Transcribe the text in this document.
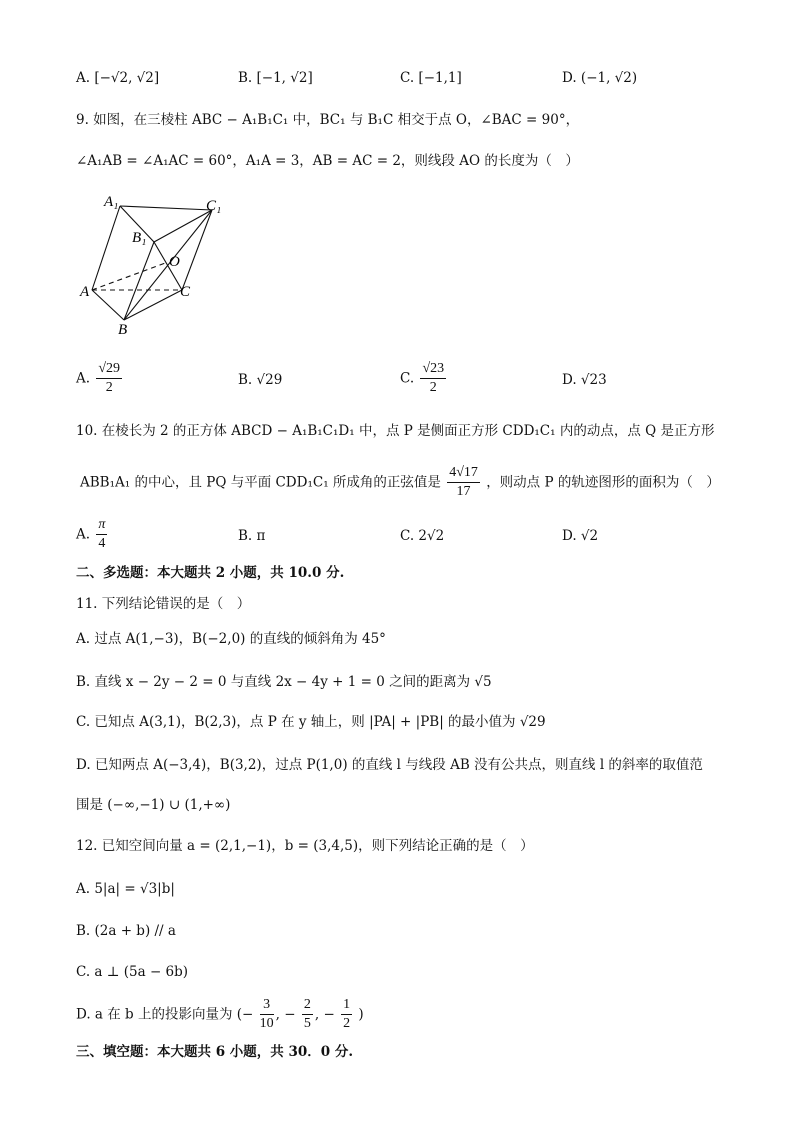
A. [−√2, √2]	B. [−1, √2]	C. [−1,1]	D. (−1, √2)
9. 如图，在三棱柱 ABC − A₁B₁C₁ 中，BC₁ 与 B₁C 相交于点 O，∠BAC = 90°，
∠A₁AB = ∠A₁AC = 60°，A₁A = 3，AB = AC = 2，则线段 AO 的长度为（　）
A₁	C₁
B₁
O
A	C
B
A. $\frac{√29}{2}$	B. √29	C. $\frac{√23}{2}$	D. √23
10. 在棱长为 2 的正方体 ABCD − A₁B₁C₁D₁ 中，点 P 是侧面正方形 CDD₁C₁ 内的动点，点 Q 是正方形
ABB₁A₁ 的中心，且 PQ 与平面 CDD₁C₁ 所成角的正弦值是 $\frac{4√17}{17}$ ，则动点 P 的轨迹图形的面积为（　）
A. $\frac{\pi}{4}$	B. π	C. 2√2	D. √2
二、多选题：本大题共 2 小题，共 10.0 分.
11. 下列结论错误的是（　）
A. 过点 A(1,−3)，B(−2,0) 的直线的倾斜角为 45°
B. 直线 x − 2y − 2 = 0 与直线 2x − 4y + 1 = 0 之间的距离为 √5
C. 已知点 A(3,1)，B(2,3)，点 P 在 y 轴上，则 |PA| + |PB| 的最小值为 √29
D. 已知两点 A(−3,4)，B(3,2)，过点 P(1,0) 的直线 l 与线段 AB 没有公共点，则直线 l 的斜率的取值范
围是 (−∞,−1) ∪ (1,+∞)
12. 已知空间向量 a = (2,1,−1)，b = (3,4,5)，则下列结论正确的是（　）
A. 5|a| = √3|b|
B. (2a + b) // a
C. a ⊥ (5a − 6b)
D. a 在 b 上的投影向量为 (− $\frac{3}{10}$ , − $\frac{2}{5}$ , − $\frac{1}{2}$ )
三、填空题：本大题共 6 小题，共 30．0 分.
